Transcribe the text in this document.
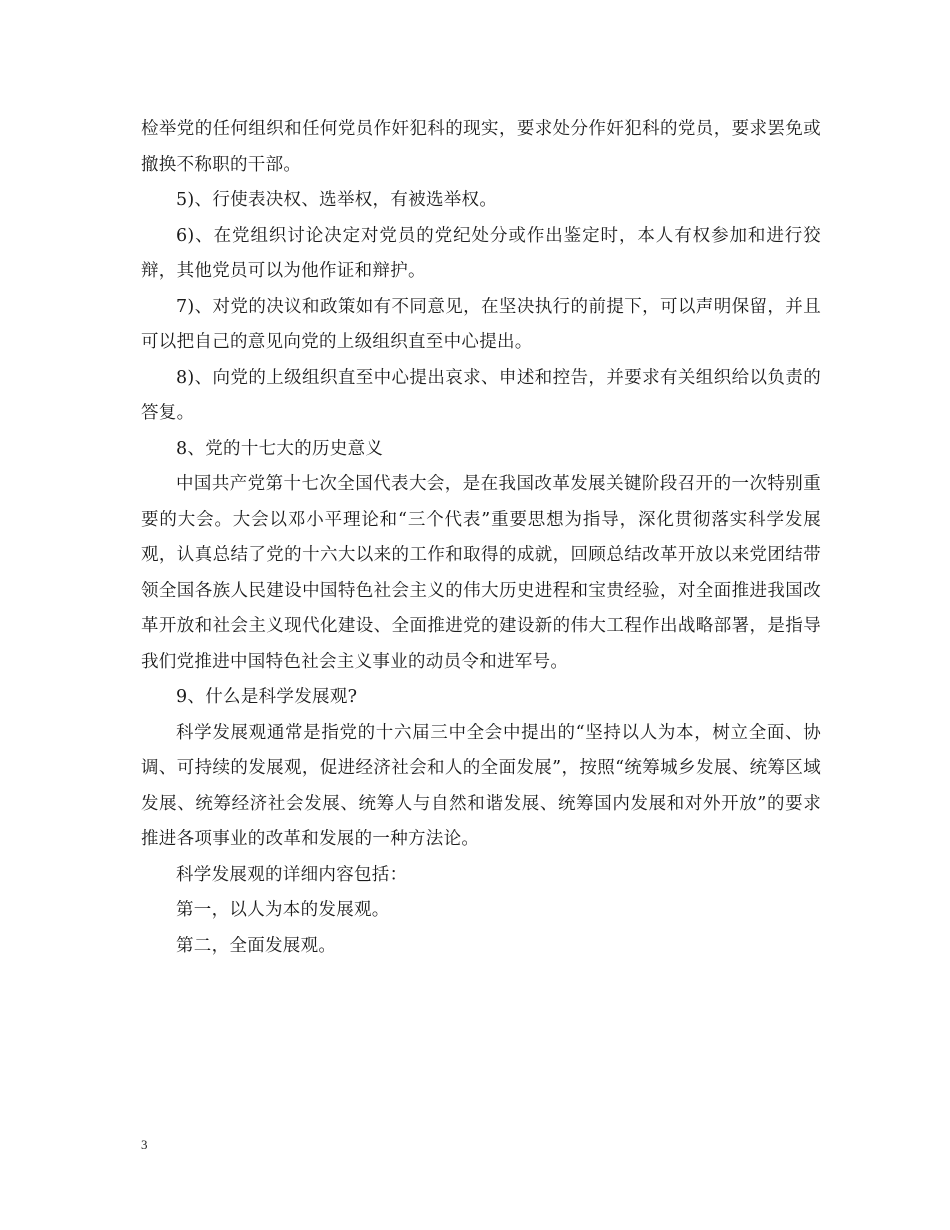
检举党的任何组织和任何党员作奸犯科的现实，要求处分作奸犯科的党员，要求罢免或撤换不称职的干部。

5)、行使表决权、选举权，有被选举权。

6)、在党组织讨论决定对党员的党纪处分或作出鉴定时，本人有权参加和进行狡辩，其他党员可以为他作证和辩护。

7)、对党的决议和政策如有不同意见，在坚决执行的前提下，可以声明保留，并且可以把自己的意见向党的上级组织直至中心提出。

8)、向党的上级组织直至中心提出哀求、申述和控告，并要求有关组织给以负责的答复。

8、党的十七大的历史意义

中国共产党第十七次全国代表大会，是在我国改革发展关键阶段召开的一次特别重要的大会。大会以邓小平理论和“三个代表”重要思想为指导，深化贯彻落实科学发展观，认真总结了党的十六大以来的工作和取得的成就，回顾总结改革开放以来党团结带领全国各族人民建设中国特色社会主义的伟大历史进程和宝贵经验，对全面推进我国改革开放和社会主义现代化建设、全面推进党的建设新的伟大工程作出战略部署，是指导我们党推进中国特色社会主义事业的动员令和进军号。

9、什么是科学发展观?

科学发展观通常是指党的十六届三中全会中提出的“坚持以人为本，树立全面、协调、可持续的发展观，促进经济社会和人的全面发展”，按照“统筹城乡发展、统筹区域发展、统筹经济社会发展、统筹人与自然和谐发展、统筹国内发展和对外开放”的要求推进各项事业的改革和发展的一种方法论。

科学发展观的详细内容包括：

第一，以人为本的发展观。

第二，全面发展观。

3
